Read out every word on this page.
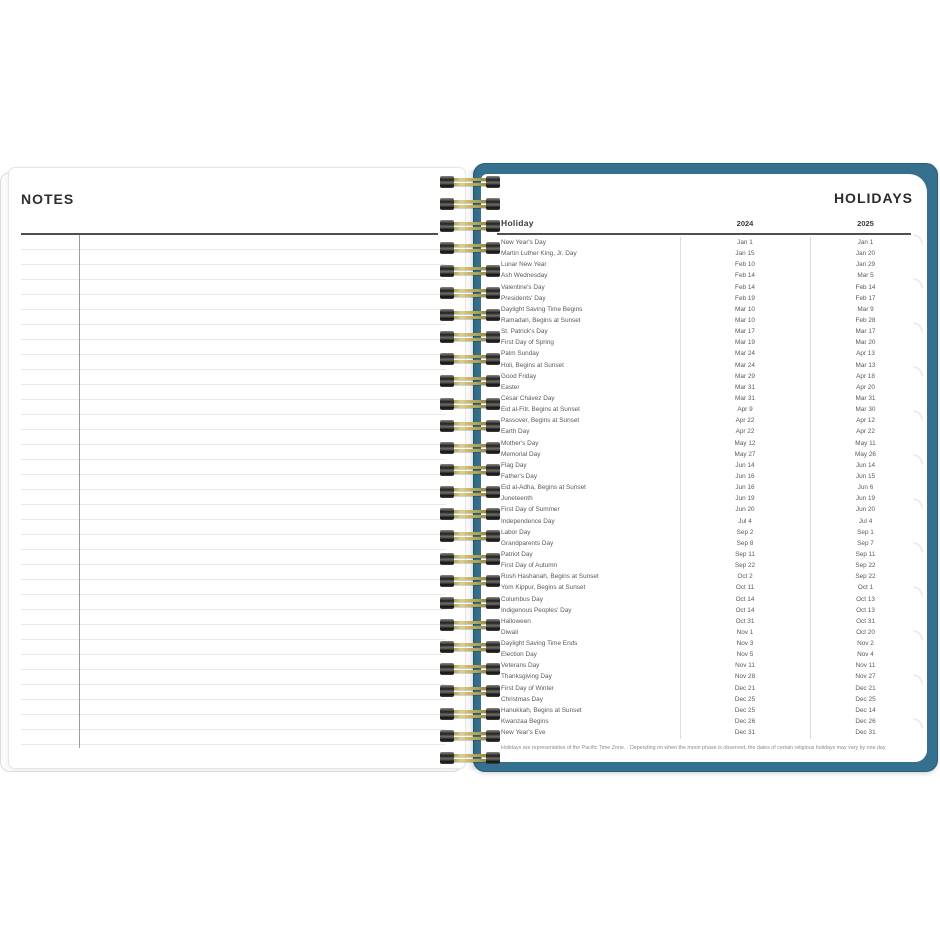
NOTES	HOLIDAYS
Holiday	2024	2025
New Year's Day	Jan 1	Jan 1
Martin Luther King, Jr. Day	Jan 15	Jan 20
Lunar New Year	Feb 10	Jan 29
Ash Wednesday	Feb 14	Mar 5
Valentine's Day	Feb 14	Feb 14
Presidents' Day	Feb 19	Feb 17
Daylight Saving Time Begins	Mar 10	Mar 9
Ramadan, Begins at Sunset	Mar 10	Feb 28
St. Patrick's Day	Mar 17	Mar 17
First Day of Spring	Mar 19	Mar 20
Palm Sunday	Mar 24	Apr 13
Holi, Begins at Sunset	Mar 24	Mar 13
Good Friday	Mar 29	Apr 18
Easter	Mar 31	Apr 20
César Chávez Day	Mar 31	Mar 31
Eid al-Fitr, Begins at Sunset	Apr 9	Mar 30
Passover, Begins at Sunset	Apr 22	Apr 12
Earth Day	Apr 22	Apr 22
Mother's Day	May 12	May 11
Memorial Day	May 27	May 26
Flag Day	Jun 14	Jun 14
Father's Day	Jun 16	Jun 15
Eid al-Adha, Begins at Sunset	Jun 16	Jun 6
Juneteenth	Jun 19	Jun 19
First Day of Summer	Jun 20	Jun 20
Independence Day	Jul 4	Jul 4
Labor Day	Sep 2	Sep 1
Grandparents Day	Sep 8	Sep 7
Patriot Day	Sep 11	Sep 11
First Day of Autumn	Sep 22	Sep 22
Rosh Hashanah, Begins at Sunset	Oct 2	Sep 22
Yom Kippur, Begins at Sunset	Oct 11	Oct 1
Columbus Day	Oct 14	Oct 13
Indigenous Peoples' Day	Oct 14	Oct 13
Halloween	Oct 31	Oct 31
Diwali	Nov 1	Oct 20
Daylight Saving Time Ends	Nov 3	Nov 2
Election Day	Nov 5	Nov 4
Veterans Day	Nov 11	Nov 11
Thanksgiving Day	Nov 28	Nov 27
First Day of Winter	Dec 21	Dec 21
Christmas Day	Dec 25	Dec 25
Hanukkah, Begins at Sunset	Dec 25	Dec 14
Kwanzaa Begins	Dec 26	Dec 26
New Year's Eve	Dec 31	Dec 31
Holidays are representative of the Pacific Time Zone. · Depending on when the moon phase is observed, the dates of certain religious holidays may vary by one day
